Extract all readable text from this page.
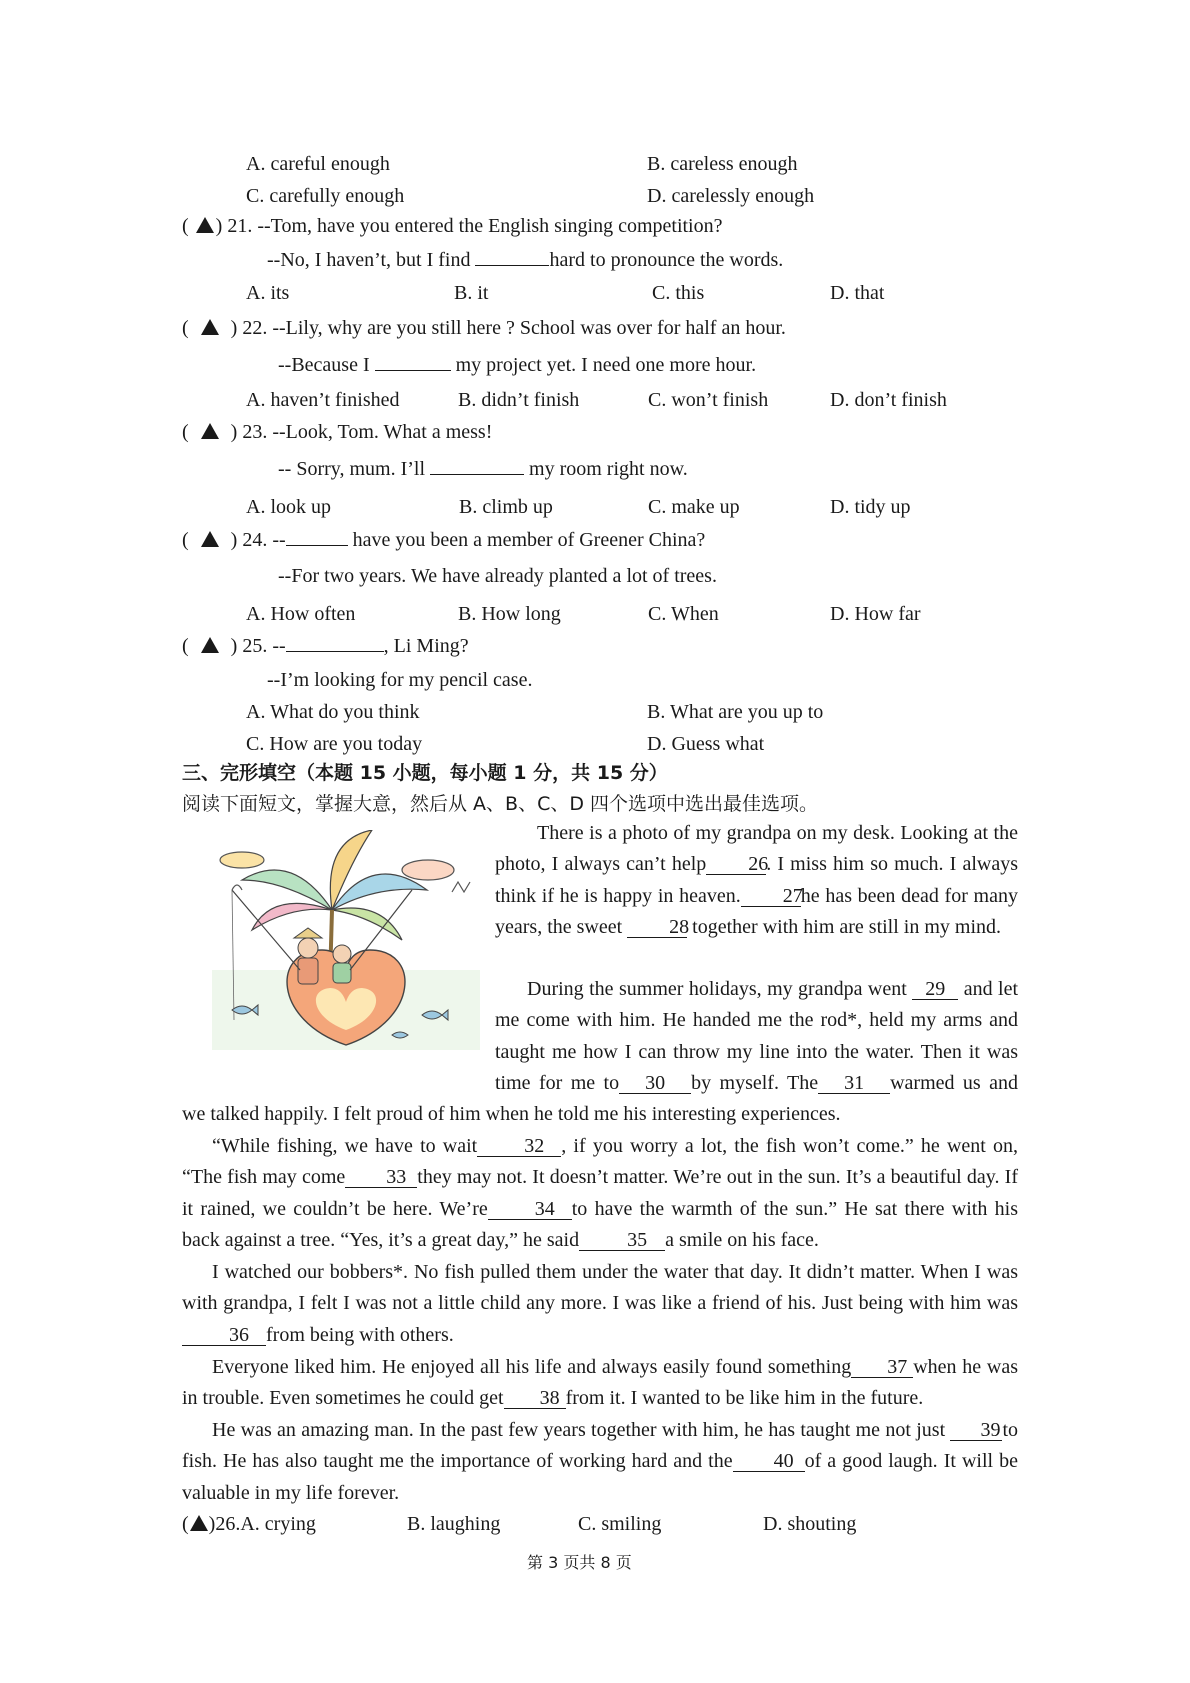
A. careful enough	B. careless enough
C. carefully enough	D. carelessly enough
( ) 21. --Tom, have you entered the English singing competition?
--No, I haven’t, but I find	hard to pronounce the words.
A. its	B. it	C. this	D. that
(    ) 22. --Lily, why are you still here ? School was over for half an hour.
--Because I	my project yet. I need one more hour.
A. haven’t finished	B. didn’t finish	C. won’t finish	D. don’t finish
(    ) 23. --Look, Tom. What a mess!
-- Sorry, mum. I’ll	my room right now.
A. look up	B. climb up	C. make up	D. tidy up
(    ) 24. --	have you been a member of Greener China?
--For two years. We have already planted a lot of trees.
A. How often	B. How long	C. When	D. How far
(    ) 25. --	, Li Ming?
--I’m looking for my pencil case.
A. What do you think	B. What are you up to
C. How are you today	D. Guess what
三、完形填空（本题 15 小题，每小题 1 分，共 15 分）
阅读下面短文，掌握大意，然后从 A、B、C、D 四个选项中选出最佳选项。

There is a photo of my grandpa on my desk. Looking at the photo, I always can’t help 26. I miss him so much. I always think if he is happy in heaven. 27he has been dead for many years, the sweet 28 together with him are still in my mind.

During the summer holidays, my grandpa went 29 and let me come with him. He handed me the rod*, held my arms and taught me how I can throw my line into the water. Then it was time for me to 30 by myself. The 31 warmed us and we talked happily. I felt proud of him when he told me his interesting experiences.

“While fishing, we have to wait 32 , if you worry a lot, the fish won’t come.” he went on, “The fish may come 33 they may not. It doesn’t matter. We’re out in the sun. It’s a beautiful day. If it rained, we couldn’t be here. We’re 34 to have the warmth of the sun.” He sat there with his back against a tree. “Yes, it’s a great day,” he said 35 a smile on his face.

I watched our bobbers*. No fish pulled them under the water that day. It didn’t matter. When I was with grandpa, I felt I was not a little child any more. I was like a friend of his. Just being with him was36 from being with others.

Everyone liked him. He enjoyed all his life and always easily found something 37 when he was in trouble. Even sometimes he could get 38 from it. I wanted to be like him in the future.

He was an amazing man. In the past few years together with him, he has taught me not just 39 to fish. He has also taught me the importance of working hard and the 40 of a good laugh. It will be valuable in my life forever.

( )26.A. crying	B. laughing	C. smiling	D. shouting
第 3 页共 8 页
